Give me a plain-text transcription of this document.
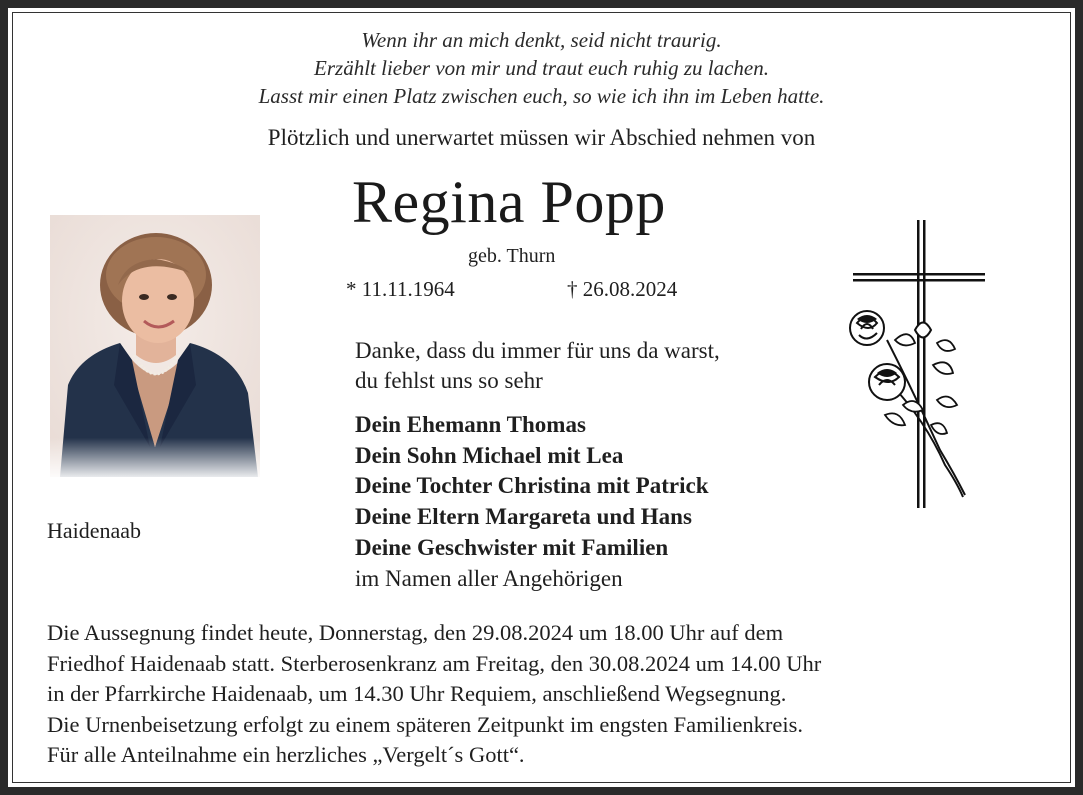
Wenn ihr an mich denkt, seid nicht traurig.
Erzählt lieber von mir und traut euch ruhig zu lachen.
Lasst mir einen Platz zwischen euch, so wie ich ihn im Leben hatte.
Plötzlich und unerwartet müssen wir Abschied nehmen von
Regina Popp
geb. Thurn
* 11.11.1964	† 26.08.2024
Haidenaab
Danke, dass du immer für uns da warst,
du fehlst uns so sehr
Dein Ehemann Thomas
Dein Sohn Michael mit Lea
Deine Tochter Christina mit Patrick
Deine Eltern Margareta und Hans
Deine Geschwister mit Familien
im Namen aller Angehörigen
Die Aussegnung findet heute, Donnerstag, den 29.08.2024 um 18.00 Uhr auf dem
Friedhof Haidenaab statt. Sterberosenkranz am Freitag, den 30.08.2024 um 14.00 Uhr
in der Pfarrkirche Haidenaab, um 14.30 Uhr Requiem, anschließend Wegsegnung.
Die Urnenbeisetzung erfolgt zu einem späteren Zeitpunkt im engsten Familienkreis.
Für alle Anteilnahme ein herzliches „Vergelt´s Gott“.
